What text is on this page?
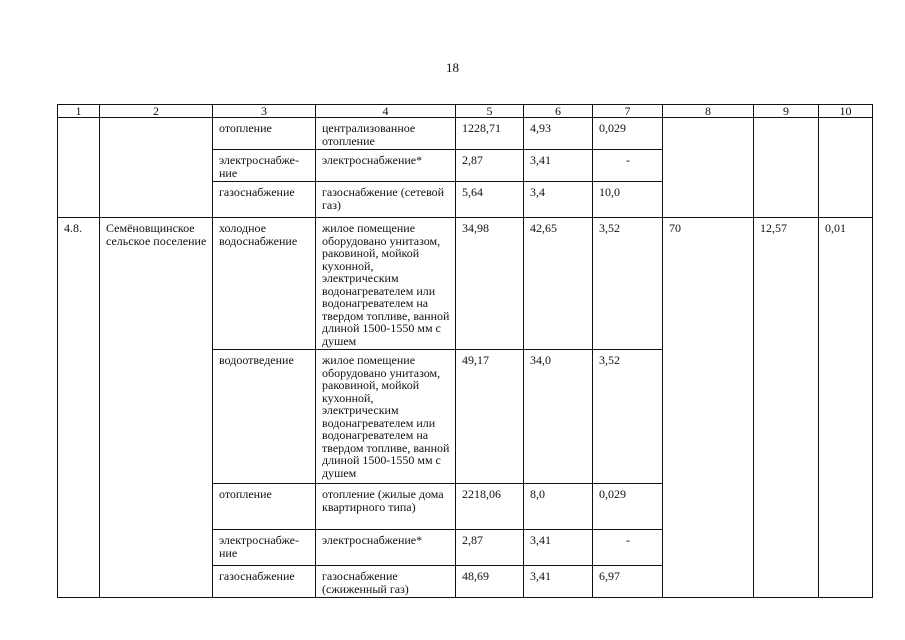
18
1	2	3	4	5	6	7	8	9	10
		отопление	централизованное отопление	1228,71	4,93	0,029			
		электроснабже-ние	электроснабжение*	2,87	3,41	-			

		газоснабжение	газоснабжение (сетевой газ)	5,64	3,4	10,0			
4.8.	Семёновщинское сельское поселение	холодное водоснабжение	жилое помещение оборудовано унитазом, раковиной, мойкой кухонной, электрическим водонагревателем или водонагревателем на твердом топливе, ванной длиной 1500-1550 мм с душем	34,98	42,65	3,52	70	12,57	0,01
		водоотведение	жилое помещение оборудовано унитазом, раковиной, мойкой кухонной, электрическим водонагревателем или водонагревателем на твердом топливе, ванной длиной 1500-1550 мм с душем	49,17	34,0	3,52			
		отопление	отопление (жилые дома квартирного типа)	2218,06	8,0	0,029			
		электроснабже-ние	электроснабжение*	2,87	3,41	-			

		газоснабжение	газоснабжение (сжиженный газ)	48,69	3,41	6,97			
